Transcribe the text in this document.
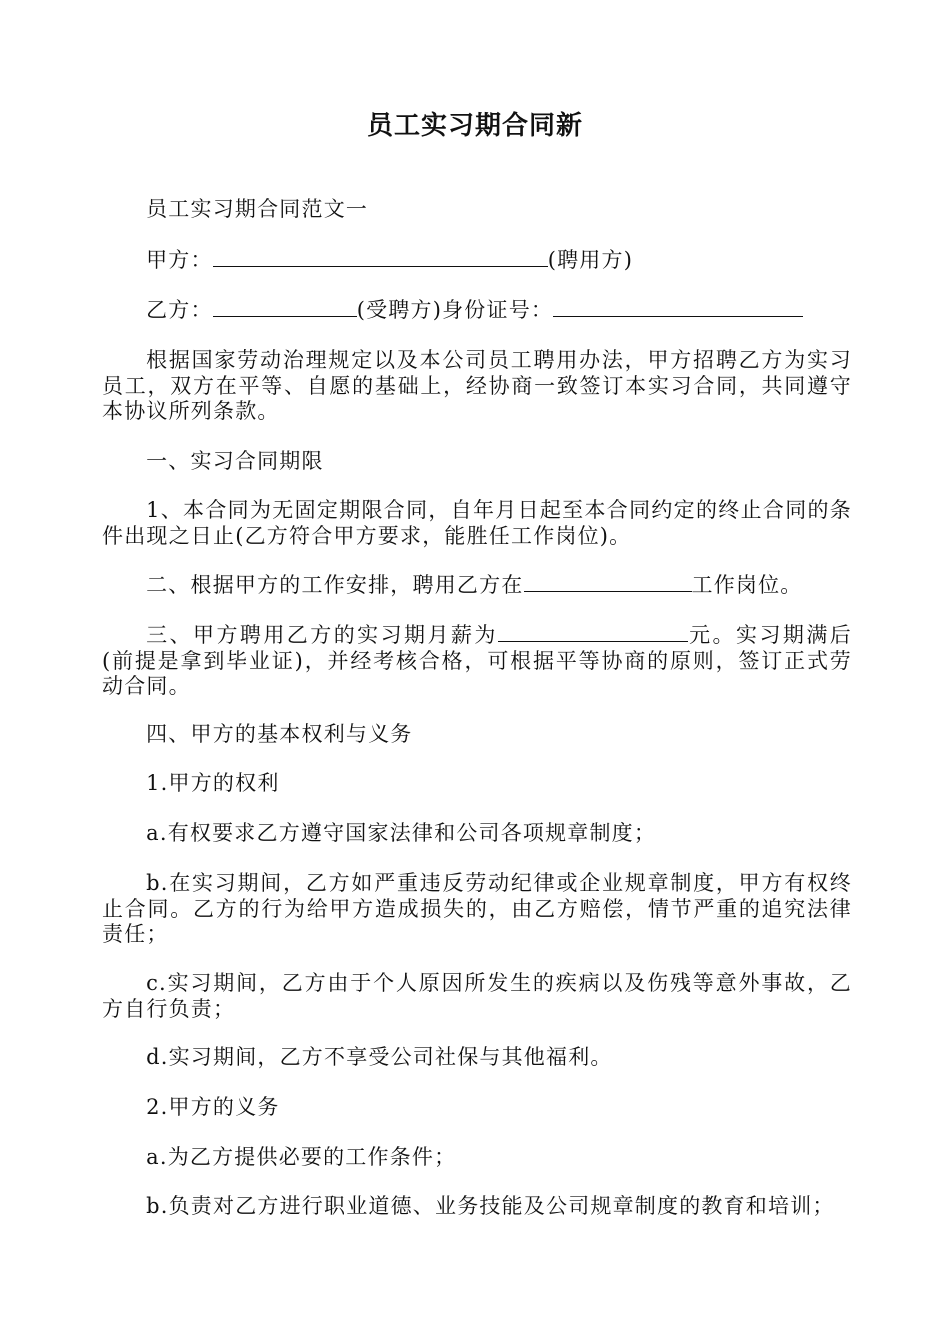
员工实习期合同新

员工实习期合同范文一

甲方：	(聘用方)

乙方：	(受聘方)身份证号：

根据国家劳动治理规定以及本公司员工聘用办法，甲方招聘乙方为实习员工，双方在平等、自愿的基础上，经协商一致签订本实习合同，共同遵守本协议所列条款。

一、实习合同期限

1、本合同为无固定期限合同，自年月日起至本合同约定的终止合同的条件出现之日止(乙方符合甲方要求，能胜任工作岗位)。

二、根据甲方的工作安排，聘用乙方在	工作岗位。

三、甲方聘用乙方的实习期月薪为	元。实习期满后(前提是拿到毕业证)，并经考核合格，可根据平等协商的原则，签订正式劳动合同。

四、甲方的基本权利与义务

1.甲方的权利

a.有权要求乙方遵守国家法律和公司各项规章制度；

b.在实习期间，乙方如严重违反劳动纪律或企业规章制度，甲方有权终止合同。乙方的行为给甲方造成损失的，由乙方赔偿，情节严重的追究法律责任；

c.实习期间，乙方由于个人原因所发生的疾病以及伤残等意外事故，乙方自行负责；

d.实习期间，乙方不享受公司社保与其他福利。

2.甲方的义务

a.为乙方提供必要的工作条件；

b.负责对乙方进行职业道德、业务技能及公司规章制度的教育和培训；
